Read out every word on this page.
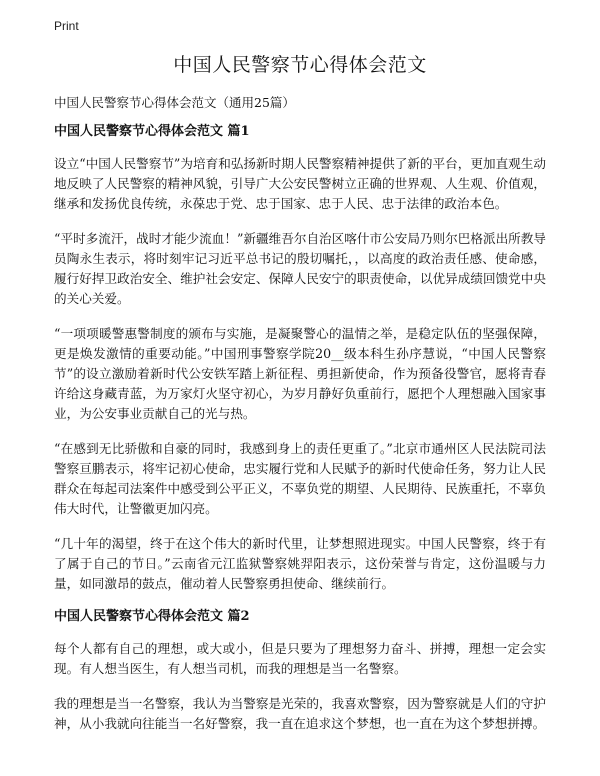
Print
中国人民警察节心得体会范文

中国人民警察节心得体会范文（通用25篇）

中国人民警察节心得体会范文 篇1

设立“中国人民警察节”为培育和弘扬新时期人民警察精神提供了新的平台，更加直观生动地反映了人民警察的精神风貌，引导广大公安民警树立正确的世界观、人生观、价值观，继承和发扬优良传统，永葆忠于党、忠于国家、忠于人民、忠于法律的政治本色。

“平时多流汗，战时才能少流血！”新疆维吾尔自治区喀什市公安局乃则尔巴格派出所教导员陶永生表示，将时刻牢记习近平总书记的殷切嘱托，，以高度的政治责任感、使命感，履行好捍卫政治安全、维护社会安定、保障人民安宁的职责使命，以优异成绩回馈党中央的关心关爱。

“一项项暖警惠警制度的颁布与实施，是凝聚警心的温情之举，是稳定队伍的坚强保障，更是焕发激情的重要动能。”中国刑事警察学院20__级本科生孙序慧说，“中国人民警察节”的设立激励着新时代公安铁军踏上新征程、勇担新使命，作为预备役警官，愿将青春许给这身藏青蓝，为万家灯火坚守初心，为岁月静好负重前行，愿把个人理想融入国家事业，为公安事业贡献自己的光与热。

“在感到无比骄傲和自豪的同时，我感到身上的责任更重了。”北京市通州区人民法院司法警察亘鹏表示，将牢记初心使命，忠实履行党和人民赋予的新时代使命任务，努力让人民群众在每起司法案件中感受到公平正义，不辜负党的期望、人民期待、民族重托，不辜负伟大时代，让警徽更加闪亮。

“几十年的渴望，终于在这个伟大的新时代里，让梦想照进现实。中国人民警察，终于有了属于自己的节日。”云南省元江监狱警察姚羿阳表示，这份荣誉与肯定，这份温暖与力量，如同激昂的鼓点，催动着人民警察勇担使命、继续前行。

中国人民警察节心得体会范文 篇2

每个人都有自己的理想，或大或小，但是只要为了理想努力奋斗、拼搏，理想一定会实现。有人想当医生，有人想当司机，而我的理想是当一名警察。

我的理想是当一名警察，我认为当警察是光荣的，我喜欢警察，因为警察就是人们的守护神，从小我就向往能当一名好警察，我一直在追求这个梦想，也一直在为这个梦想拼搏。
